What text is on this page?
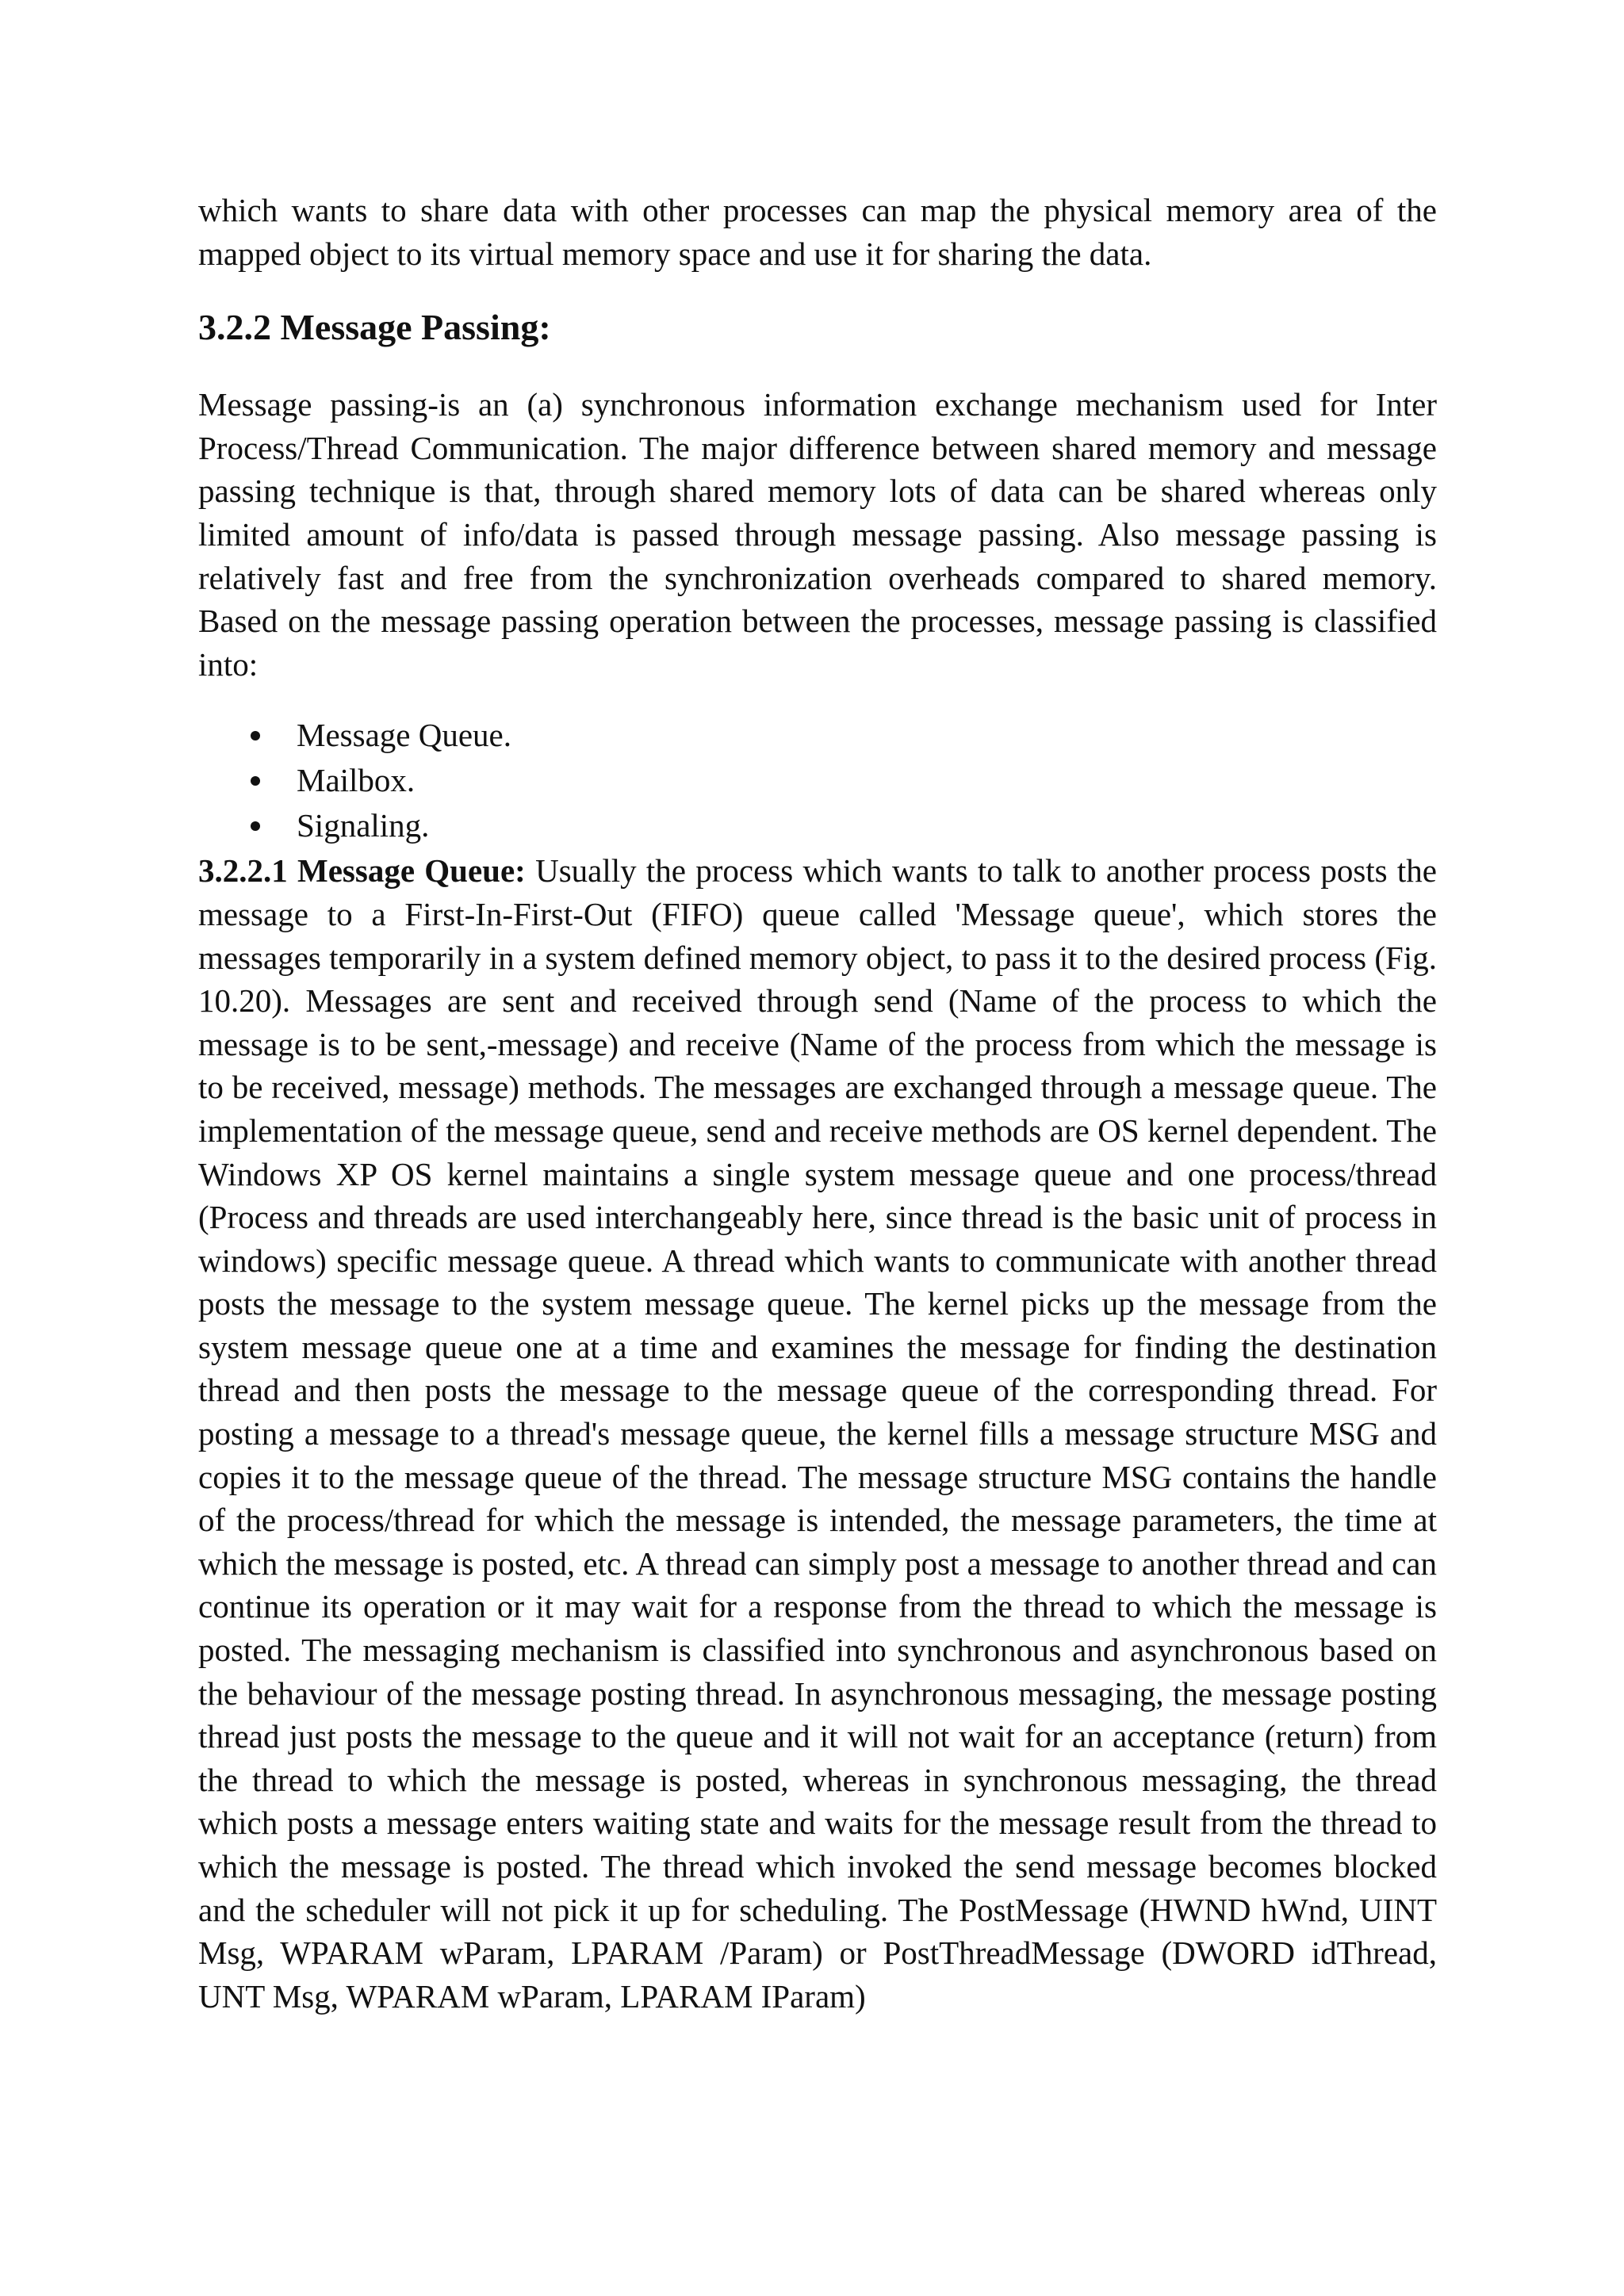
which wants to share data with other processes can map the physical memory area of the mapped object to its virtual memory space and use it for sharing the data.

3.2.2 Message Passing:

Message passing-is an (a) synchronous information exchange mechanism used for Inter Process/Thread Communication. The major difference between shared memory and message passing technique is that, through shared memory lots of data can be shared whereas only limited amount of info/data is passed through message passing. Also message passing is relatively fast and free from the synchronization overheads compared to shared memory. Based on the message passing operation between the processes, message passing is classified into:

Message Queue.
Mailbox.
Signaling.

3.2.2.1 Message Queue: Usually the process which wants to talk to another process posts the message to a First-In-First-Out (FIFO) queue called 'Message queue', which stores the messages temporarily in a system defined memory object, to pass it to the desired process (Fig. 10.20). Messages are sent and received through send (Name of the process to which the message is to be sent,-message) and receive (Name of the process from which the message is to be received, message) methods. The messages are exchanged through a message queue. The implementation of the message queue, send and receive methods are OS kernel dependent. The Windows XP OS kernel maintains a single system message queue and one process/thread (Process and threads are used interchangeably here, since thread is the basic unit of process in windows) specific message queue. A thread which wants to communicate with another thread posts the message to the system message queue. The kernel picks up the message from the system message queue one at a time and examines the message for finding the destination thread and then posts the message to the message queue of the corresponding thread. For posting a message to a thread's message queue, the kernel fills a message structure MSG and copies it to the message queue of the thread. The message structure MSG contains the handle of the process/thread for which the message is intended, the message parameters, the time at which the message is posted, etc. A thread can simply post a message to another thread and can continue its operation or it may wait for a response from the thread to which the message is posted. The messaging mechanism is classified into synchronous and asynchronous based on the behaviour of the message posting thread. In asynchronous messaging, the message posting thread just posts the message to the queue and it will not wait for an acceptance (return) from the thread to which the message is posted, whereas in synchronous messaging, the thread which posts a message enters waiting state and waits for the message result from the thread to which the message is posted. The thread which invoked the send message becomes blocked and the scheduler will not pick it up for scheduling. The PostMessage (HWND hWnd, UINT Msg, WPARAM wParam, LPARAM /Param) or PostThreadMessage (DWORD idThread, UNT Msg, WPARAM wParam, LPARAM IParam)
